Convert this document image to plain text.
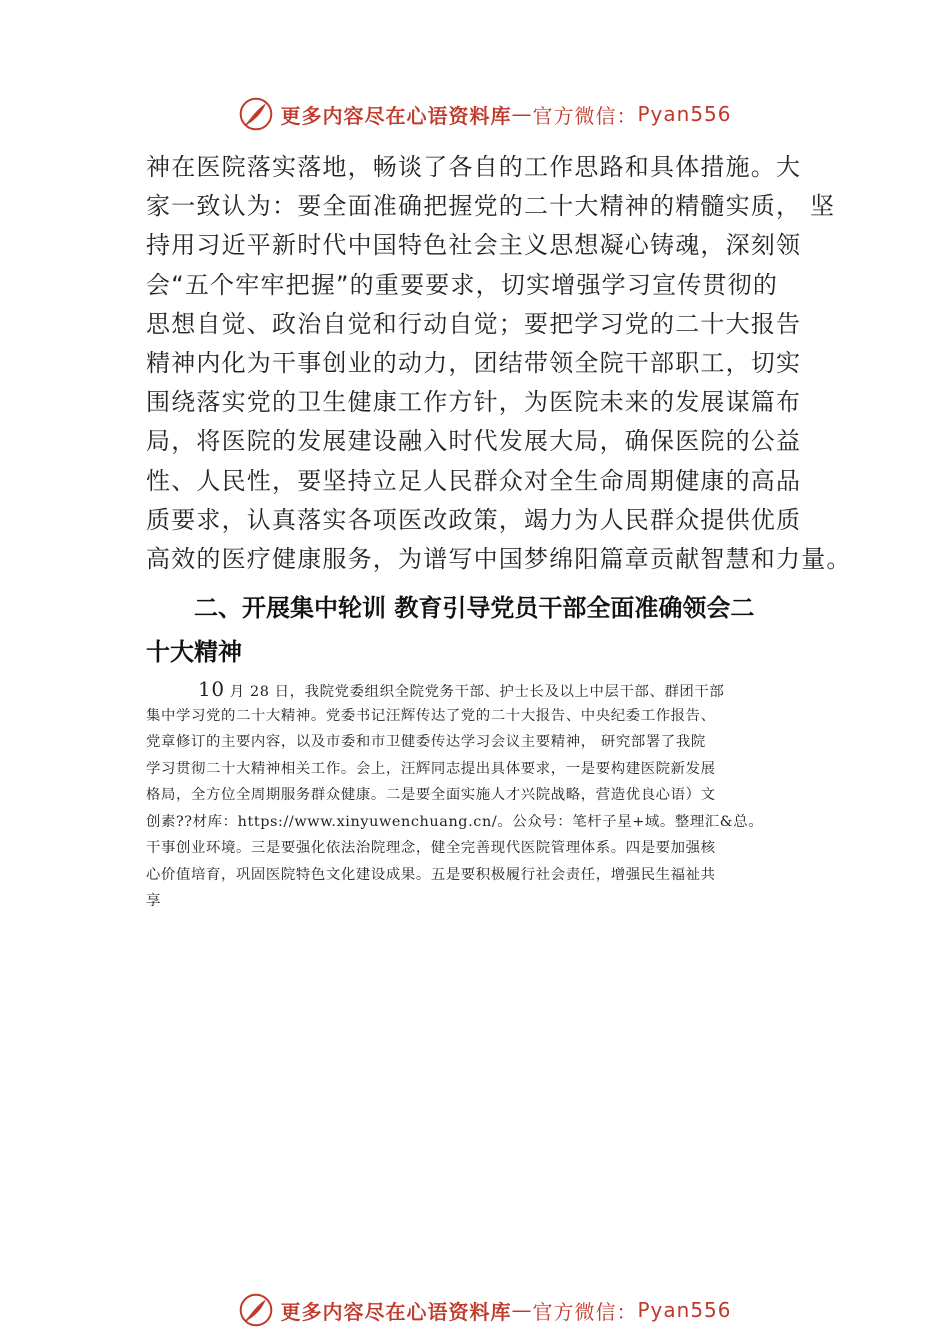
更多内容尽在心语资料库 — 官方微信： Pyan556
神在医院落实落地，畅谈了各自的工作思路和具体措施。大
家一致认为：要全面准确把握党的二十大精神的精髓实质， 坚
持用习近平新时代中国特色社会主义思想凝心铸魂，深刻领
会“五个牢牢把握”的重要要求，切实增强学习宣传贯彻的
思想自觉、政治自觉和行动自觉；要把学习党的二十大报告
精神内化为干事创业的动力，团结带领全院干部职工，切实
围绕落实党的卫生健康工作方针，为医院未来的发展谋篇布
局，将医院的发展建设融入时代发展大局，确保医院的公益
性、人民性，要坚持立足人民群众对全生命周期健康的高品
质要求，认真落实各项医改政策，竭力为人民群众提供优质
高效的医疗健康服务，为谱写中国梦绵阳篇章贡献智慧和力量。
二、开展集中轮训 教育引导党员干部全面准确领会二
十大精神
10 月 28 日，我院党委组织全院党务干部、护士长及以上中层干部、群团干部
集中学习党的二十大精神。党委书记汪辉传达了党的二十大报告、中央纪委工作报告、
党章修订的主要内容，以及市委和市卫健委传达学习会议主要精神， 研究部署了我院
学习贯彻二十大精神相关工作。会上，汪辉同志提出具体要求，一是要构建医院新发展
格局，全方位全周期服务群众健康。二是要全面实施人才兴院战略，营造优良心语）文
创素??材库：https://www.xinyuwenchuang.cn/。公众号：笔杆子星+域。整理汇&总。
干事创业环境。三是要强化依法治院理念，健全完善现代医院管理体系。四是要加强核
心价值培育，巩固医院特色文化建设成果。五是要积极履行社会责任，增强民生福祉共
享
更多内容尽在心语资料库 — 官方微信： Pyan556
